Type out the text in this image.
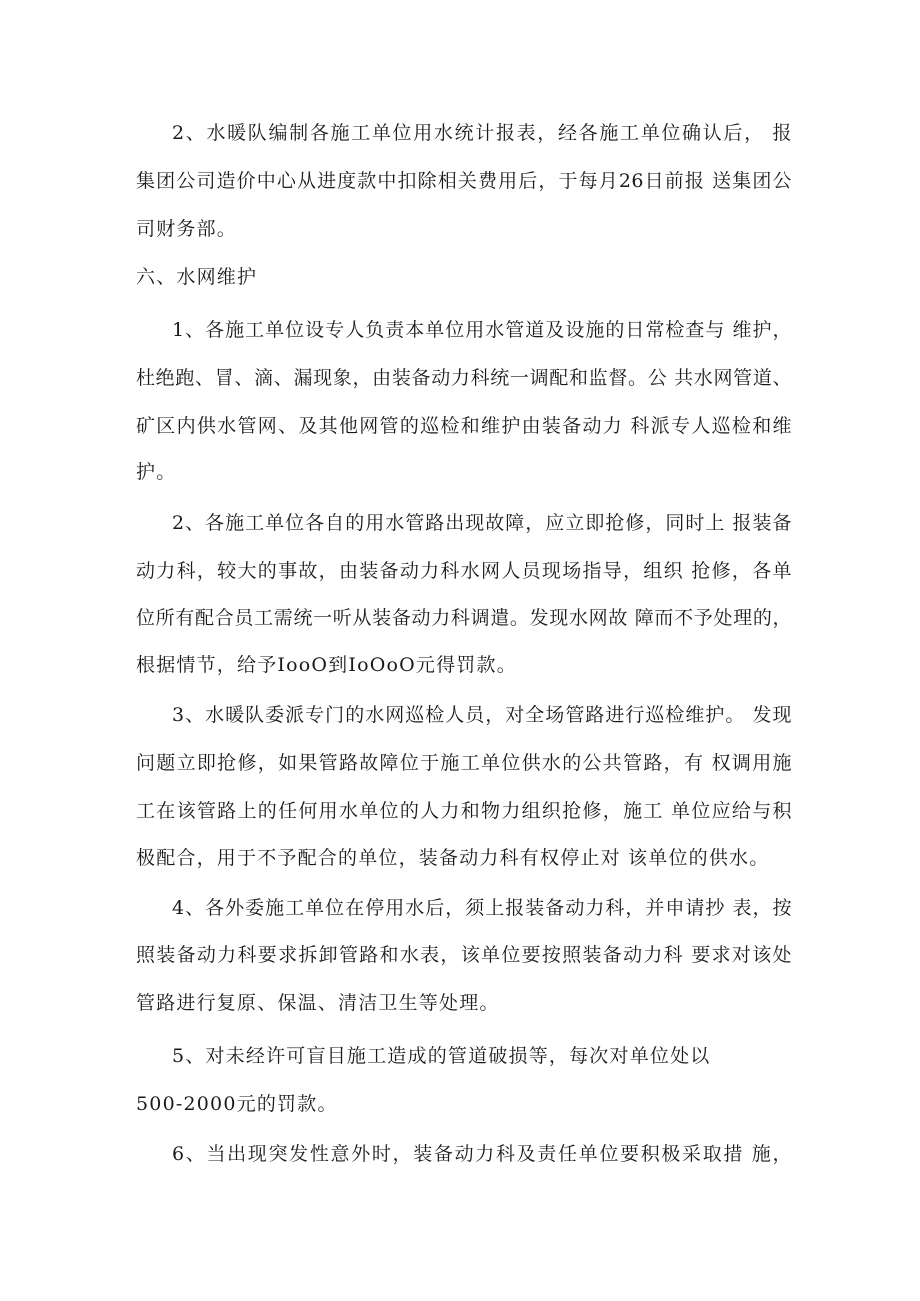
2、水暖队编制各施工单位用水统计报表，经各施工单位确认后， 报
集团公司造价中心从进度款中扣除相关费用后，于每月26日前报 送集团公
司财务部。
六、水网维护
1、各施工单位设专人负责本单位用水管道及设施的日常检查与 维护，
杜绝跑、冒、滴、漏现象，由装备动力科统一调配和监督。公 共水网管道、
矿区内供水管网、及其他网管的巡检和维护由装备动力 科派专人巡检和维
护。
2、各施工单位各自的用水管路出现故障，应立即抢修，同时上 报装备
动力科，较大的事故，由装备动力科水网人员现场指导，组织 抢修，各单
位所有配合员工需统一听从装备动力科调遣。发现水网故 障而不予处理的，
根据情节，给予IooO到IoOoO元得罚款。
3、水暖队委派专门的水网巡检人员，对全场管路进行巡检维护。 发现
问题立即抢修，如果管路故障位于施工单位供水的公共管路，有 权调用施
工在该管路上的任何用水单位的人力和物力组织抢修，施工 单位应给与积
极配合，用于不予配合的单位，装备动力科有权停止对 该单位的供水。
4、各外委施工单位在停用水后，须上报装备动力科，并申请抄 表，按
照装备动力科要求拆卸管路和水表，该单位要按照装备动力科 要求对该处
管路进行复原、保温、清洁卫生等处理。
5、对未经许可盲目施工造成的管道破损等，每次对单位处以
500-2000元的罚款。
6、当出现突发性意外时，装备动力科及责任单位要积极采取措 施，
